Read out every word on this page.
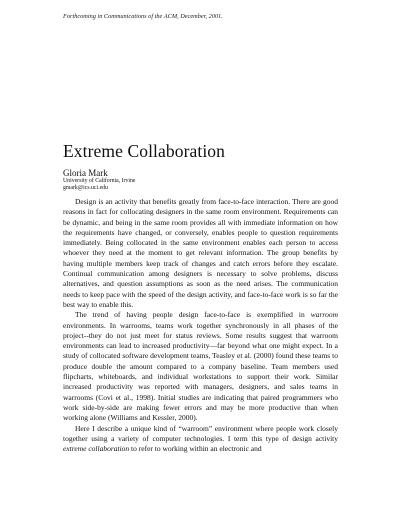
Forthcoming in Communications of the ACM, December, 2001.
Extreme Collaboration
Gloria Mark
University of California, Irvine
gmark@ics.uci.edu

Design is an activity that benefits greatly from face-to-face interaction. There are good reasons in fact for collocating designers in the same room environment. Requirements can be dynamic, and being in the same room provides all with immediate information on how the requirements have changed, or conversely, enables people to question requirements immediately. Being collocated in the same environment enables each person to access whoever they need at the moment to get relevant information. The group benefits by having multiple members keep track of changes and catch errors before they escalate. Continual communication among designers is necessary to solve problems, discuss alternatives, and question assumptions as soon as the need arises. The communication needs to keep pace with the speed of the design activity, and face-to-face work is so far the best way to enable this.

The trend of having people design face-to-face is exemplified in warroom environments. In warrooms, teams work together synchronously in all phases of the project--they do not just meet for status reviews. Some results suggest that warroom environments can lead to increased productivity—far beyond what one might expect. In a study of collocated software development teams, Teasley et al. (2000) found these teams to produce double the amount compared to a company baseline. Team members used flipcharts, whiteboards, and individual workstations to support their work. Similar increased productivity was reported with managers, designers, and sales teams in warrooms (Covi et al., 1998). Initial studies are indicating that paired programmers who work side-by-side are making fewer errors and may be more productive than when working alone (Williams and Kessler, 2000).

Here I describe a unique kind of “warroom” environment where people work closely together using a variety of computer technologies. I term this type of design activity extreme collaboration to refer to working within an electronic and
